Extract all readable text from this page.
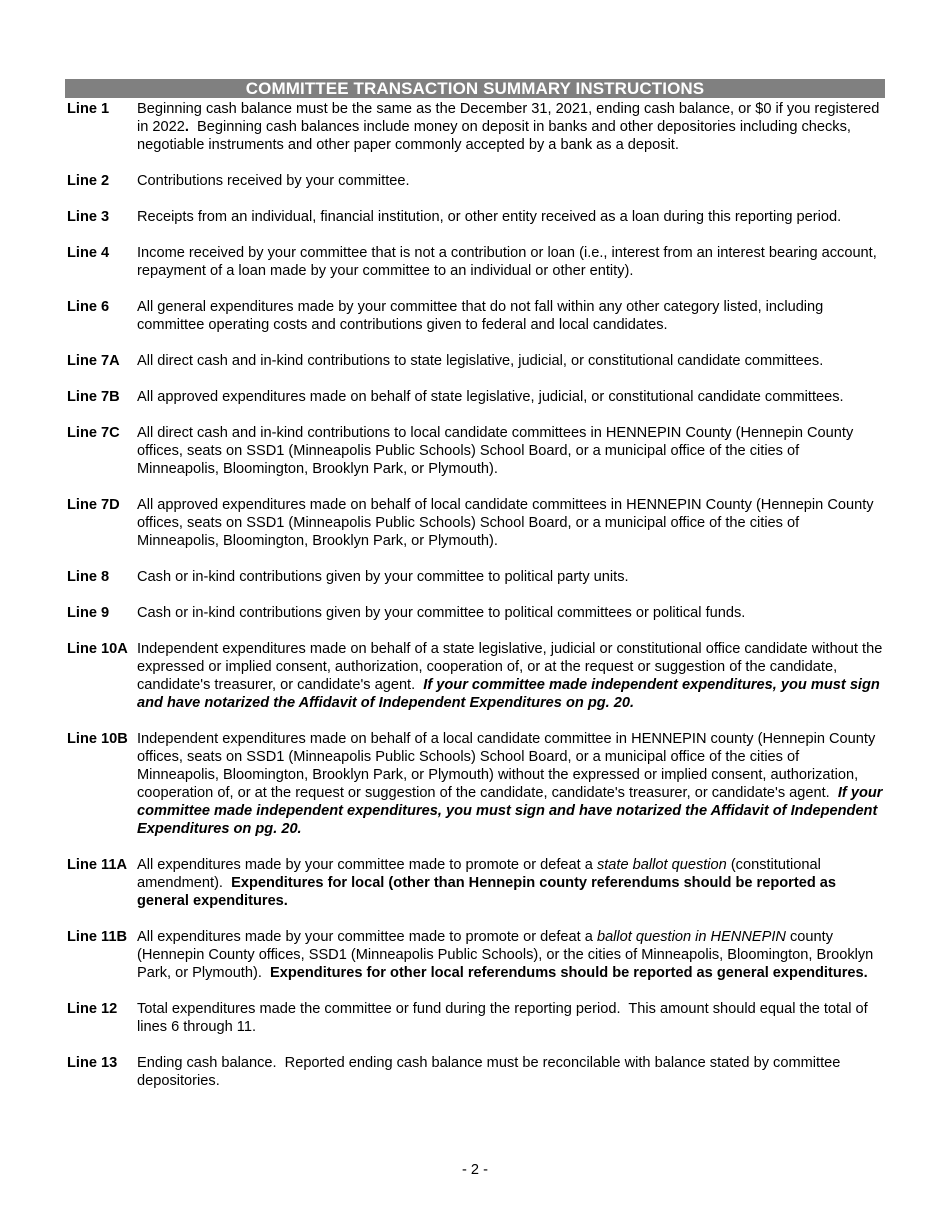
COMMITTEE TRANSACTION SUMMARY INSTRUCTIONS
Line 1	Beginning cash balance must be the same as the December 31, 2021, ending cash balance, or $0 if you registered in 2022.  Beginning cash balances include money on deposit in banks and other depositories including checks, negotiable instruments and other paper commonly accepted by a bank as a deposit.
Line 2	Contributions received by your committee.
Line 3	Receipts from an individual, financial institution, or other entity received as a loan during this reporting period.
Line 4	Income received by your committee that is not a contribution or loan (i.e., interest from an interest bearing account, repayment of a loan made by your committee to an individual or other entity).
Line 6	All general expenditures made by your committee that do not fall within any other category listed, including committee operating costs and contributions given to federal and local candidates.
Line 7A	All direct cash and in-kind contributions to state legislative, judicial, or constitutional candidate committees.
Line 7B	All approved expenditures made on behalf of state legislative, judicial, or constitutional candidate committees.
Line 7C	All direct cash and in-kind contributions to local candidate committees in HENNEPIN County (Hennepin County offices, seats on SSD1 (Minneapolis Public Schools) School Board, or a municipal office of the cities of Minneapolis, Bloomington, Brooklyn Park, or Plymouth).
Line 7D	All approved expenditures made on behalf of local candidate committees in HENNEPIN County (Hennepin County offices, seats on SSD1 (Minneapolis Public Schools) School Board, or a municipal office of the cities of Minneapolis, Bloomington, Brooklyn Park, or Plymouth).
Line 8	Cash or in-kind contributions given by your committee to political party units.
Line 9	Cash or in-kind contributions given by your committee to political committees or political funds.
Line 10A Independent expenditures made on behalf of a state legislative, judicial or constitutional office candidate without the expressed or implied consent, authorization, cooperation of, or at the request or suggestion of the candidate, candidate's treasurer, or candidate's agent.  If your committee made independent expenditures, you must sign and have notarized the Affidavit of Independent Expenditures on pg. 20.
Line 10B Independent expenditures made on behalf of a local candidate committee in HENNEPIN county (Hennepin County offices, seats on SSD1 (Minneapolis Public Schools) School Board, or a municipal office of the cities of Minneapolis, Bloomington, Brooklyn Park, or Plymouth) without the expressed or implied consent, authorization, cooperation of, or at the request or suggestion of the candidate, candidate's treasurer, or candidate's agent.  If your committee made independent expenditures, you must sign and have notarized the Affidavit of Independent Expenditures on pg. 20.
Line 11A All expenditures made by your committee made to promote or defeat a state ballot question (constitutional amendment).  Expenditures for local (other than Hennepin county referendums should be reported as general expenditures.
Line 11B All expenditures made by your committee made to promote or defeat a ballot question in HENNEPIN county (Hennepin County offices, SSD1 (Minneapolis Public Schools), or the cities of Minneapolis, Bloomington, Brooklyn Park, or Plymouth).  Expenditures for other local referendums should be reported as general expenditures.
Line 12	Total expenditures made the committee or fund during the reporting period.  This amount should equal the total of lines 6 through 11.
Line 13	Ending cash balance.  Reported ending cash balance must be reconcilable with balance stated by committee depositories.
- 2 -
